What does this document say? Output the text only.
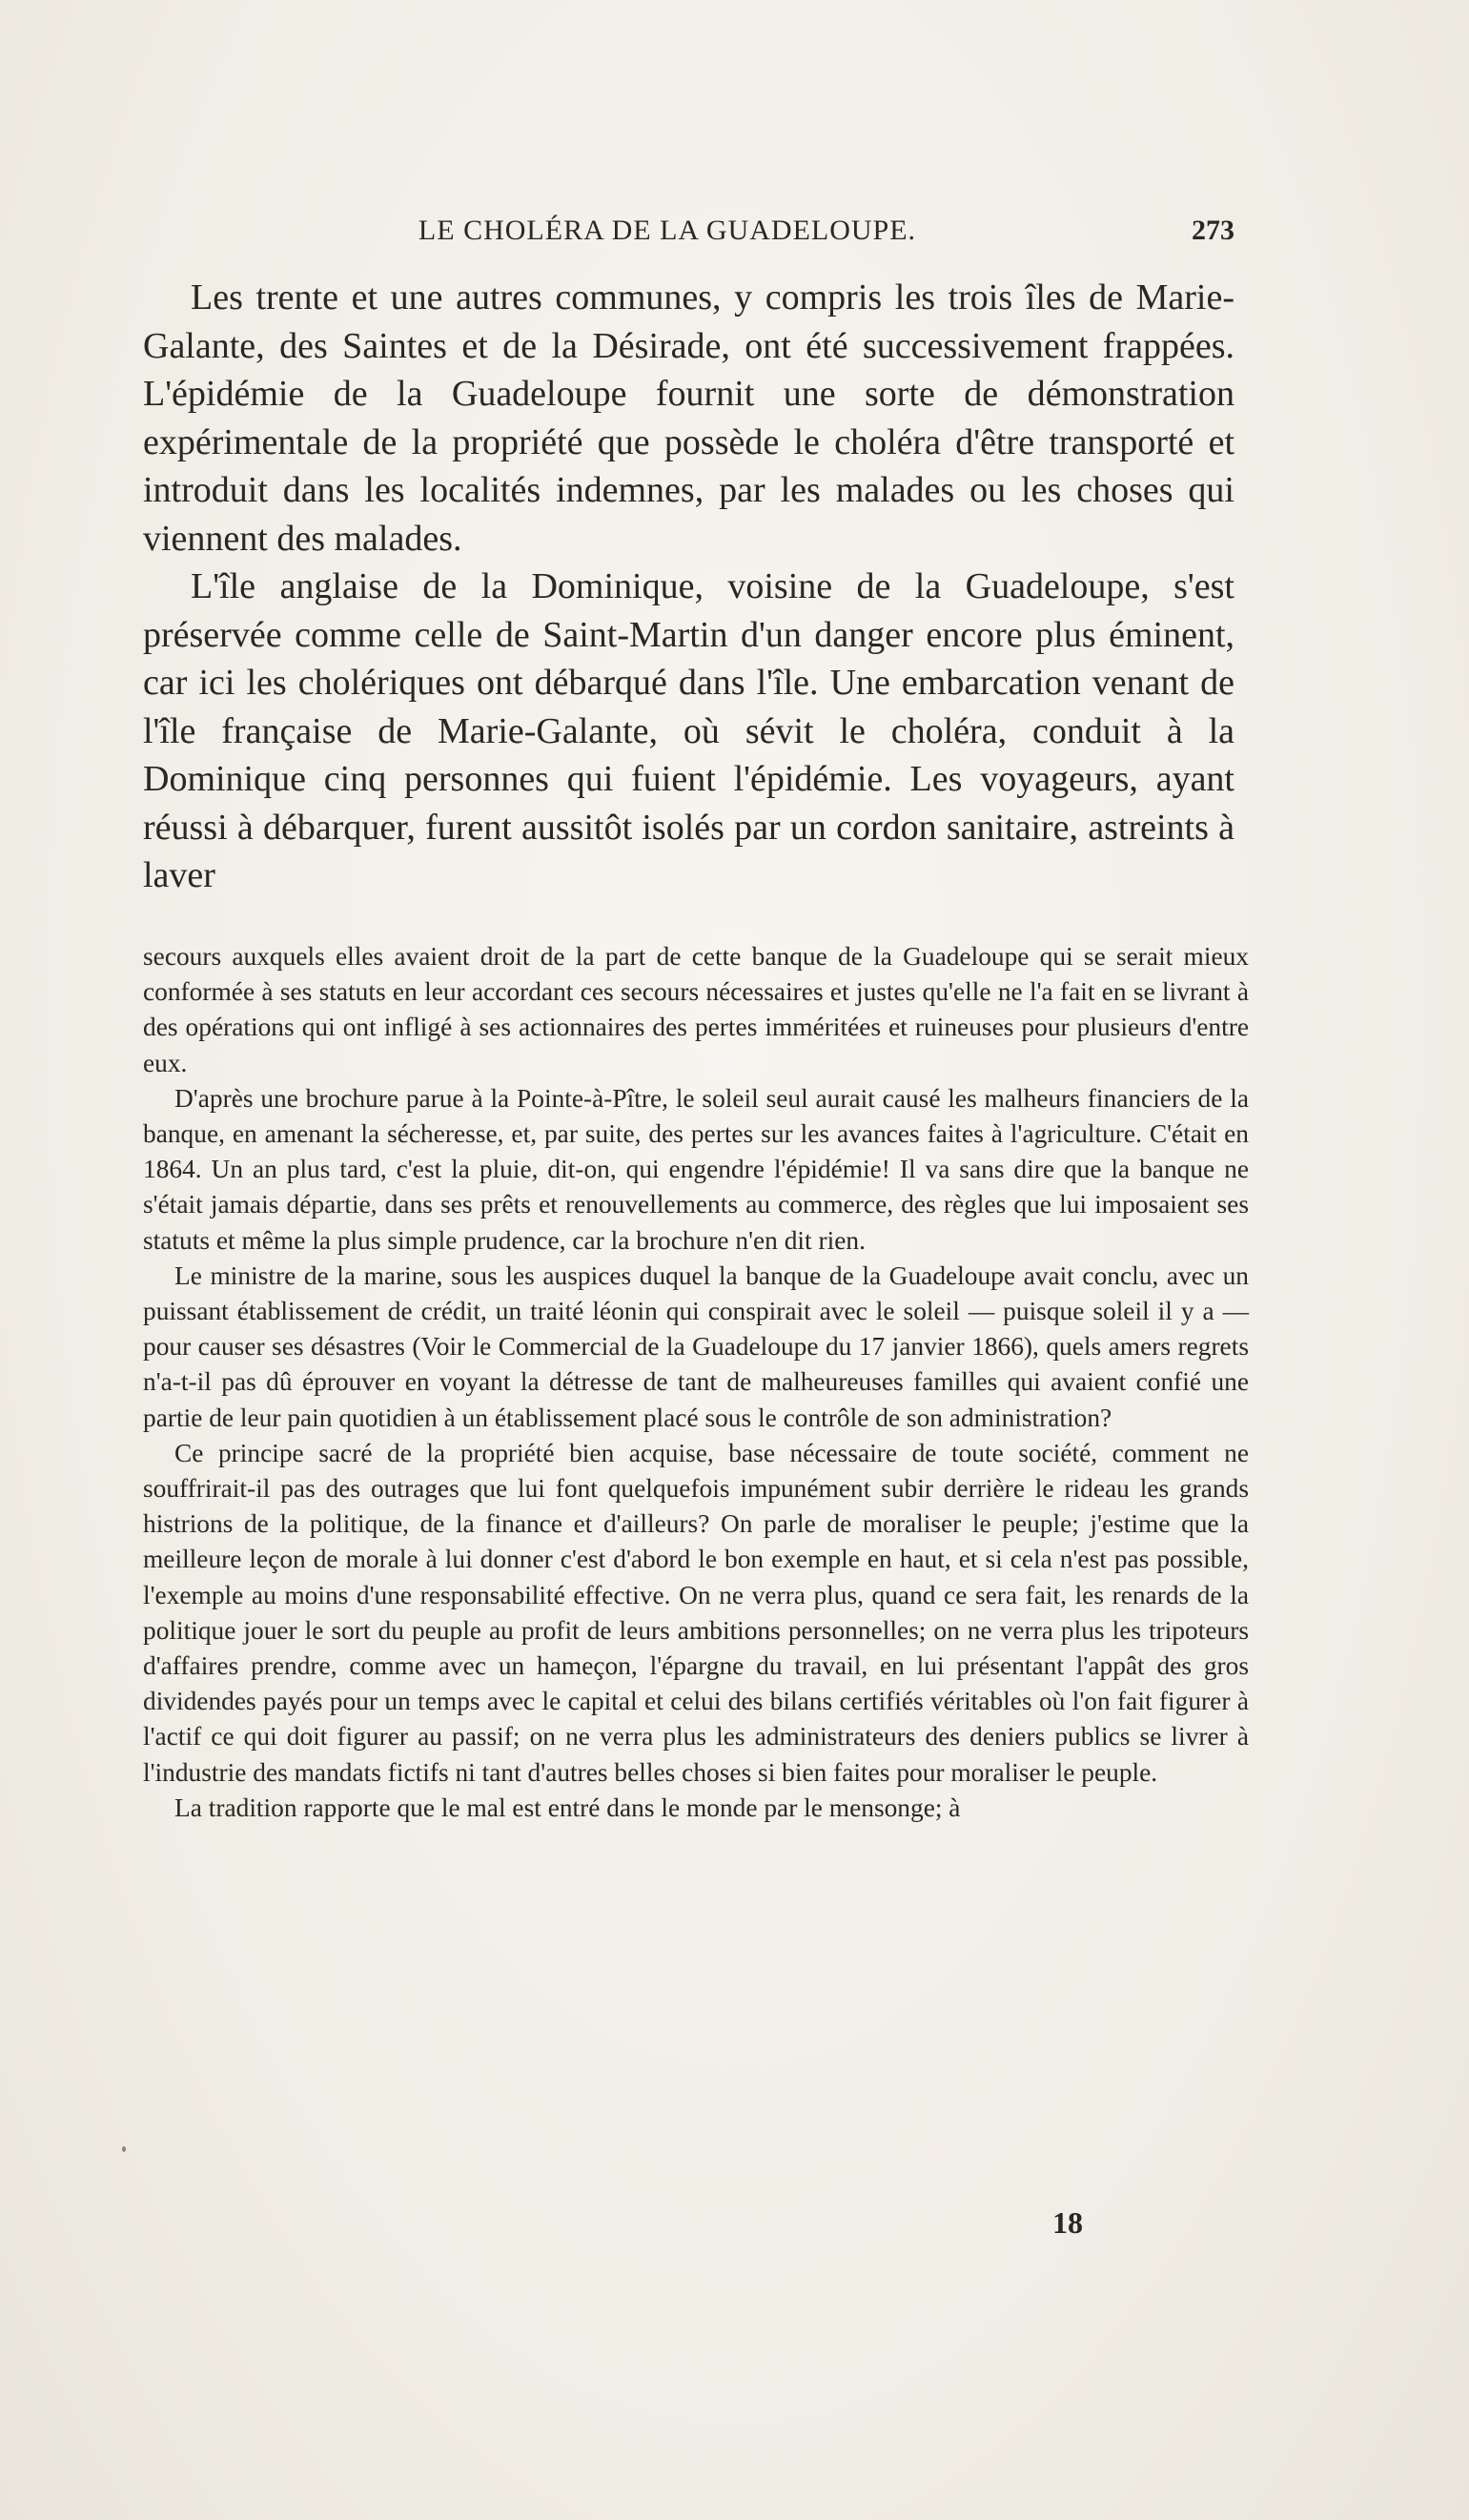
LE CHOLÉRA DE LA GUADELOUPE.	273

Les trente et une autres communes, y compris les trois îles de Marie-Galante, des Saintes et de la Désirade, ont été successivement frappées. L'épidémie de la Guadeloupe fournit une sorte de démonstration expérimentale de la propriété que possède le choléra d'être transporté et introduit dans les localités indemnes, par les malades ou les choses qui viennent des malades.

L'île anglaise de la Dominique, voisine de la Guadeloupe, s'est préservée comme celle de Saint-Martin d'un danger encore plus éminent, car ici les cholériques ont débarqué dans l'île. Une embarcation venant de l'île française de Marie-Galante, où sévit le choléra, conduit à la Dominique cinq personnes qui fuient l'épidémie. Les voyageurs, ayant réussi à débarquer, furent aussitôt isolés par un cordon sanitaire, astreints à laver

secours auxquels elles avaient droit de la part de cette banque de la Guadeloupe qui se serait mieux conformée à ses statuts en leur accordant ces secours nécessaires et justes qu'elle ne l'a fait en se livrant à des opérations qui ont infligé à ses actionnaires des pertes imméritées et ruineuses pour plusieurs d'entre eux.

D'après une brochure parue à la Pointe-à-Pître, le soleil seul aurait causé les malheurs financiers de la banque, en amenant la sécheresse, et, par suite, des pertes sur les avances faites à l'agriculture. C'était en 1864. Un an plus tard, c'est la pluie, dit-on, qui engendre l'épidémie! Il va sans dire que la banque ne s'était jamais départie, dans ses prêts et renouvellements au commerce, des règles que lui imposaient ses statuts et même la plus simple prudence, car la brochure n'en dit rien.

Le ministre de la marine, sous les auspices duquel la banque de la Guadeloupe avait conclu, avec un puissant établissement de crédit, un traité léonin qui conspirait avec le soleil — puisque soleil il y a — pour causer ses désastres (Voir le Commercial de la Guadeloupe du 17 janvier 1866), quels amers regrets n'a-t-il pas dû éprouver en voyant la détresse de tant de malheureuses familles qui avaient confié une partie de leur pain quotidien à un établissement placé sous le contrôle de son administration?

Ce principe sacré de la propriété bien acquise, base nécessaire de toute société, comment ne souffrirait-il pas des outrages que lui font quelquefois impunément subir derrière le rideau les grands histrions de la politique, de la finance et d'ailleurs? On parle de moraliser le peuple; j'estime que la meilleure leçon de morale à lui donner c'est d'abord le bon exemple en haut, et si cela n'est pas possible, l'exemple au moins d'une responsabilité effective. On ne verra plus, quand ce sera fait, les renards de la politique jouer le sort du peuple au profit de leurs ambitions personnelles; on ne verra plus les tripoteurs d'affaires prendre, comme avec un hameçon, l'épargne du travail, en lui présentant l'appât des gros dividendes payés pour un temps avec le capital et celui des bilans certifiés véritables où l'on fait figurer à l'actif ce qui doit figurer au passif; on ne verra plus les administrateurs des deniers publics se livrer à l'industrie des mandats fictifs ni tant d'autres belles choses si bien faites pour moraliser le peuple.

La tradition rapporte que le mal est entré dans le monde par le mensonge; à

18
